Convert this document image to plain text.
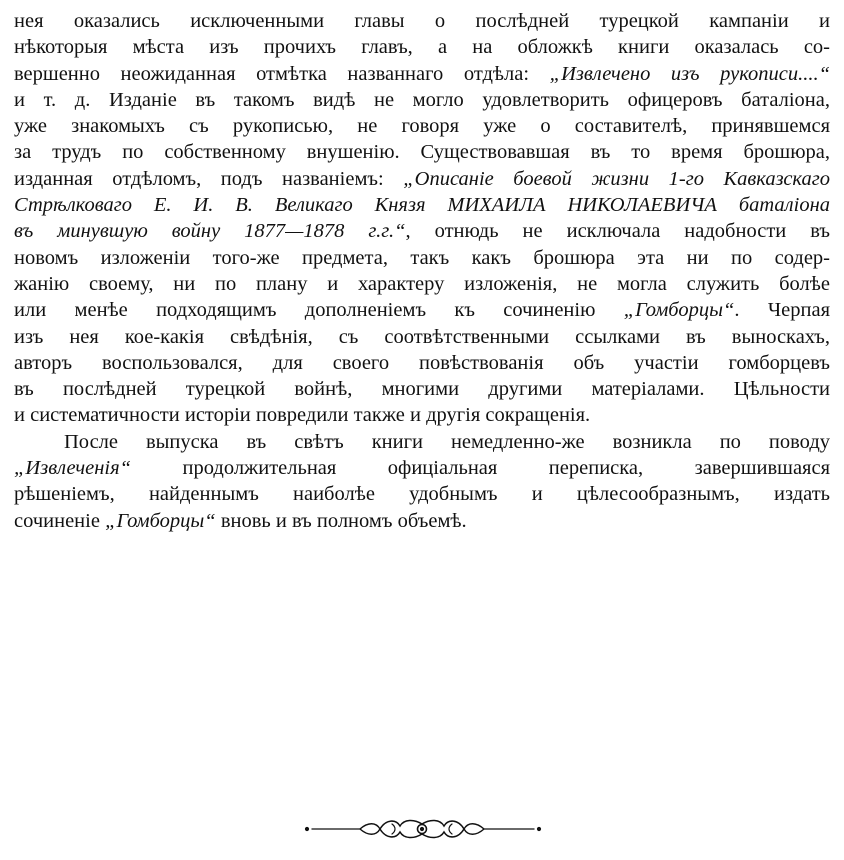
нея оказались исключенными главы о послѣдней турецкой кампаніи и
нѣкоторыя мѣста изъ прочихъ главъ, а на обложкѣ книги оказалась со-
вершенно неожиданная отмѣтка названнаго отдѣла: „Извлечено изъ рукописи....“
и т. д. Изданіе въ такомъ видѣ не могло удовлетворить офицеровъ баталіона,
уже знакомыхъ съ рукописью, не говоря уже о составителѣ, принявшемся
за трудъ по собственному внушенію. Существовавшая въ то время брошюра,
изданная отдѣломъ, подъ названіемъ: „Описаніе боевой жизни 1-го Кавказскаго
Стрѣлковаго Е. И. В. Великаго Князя МИХАИЛА НИКОЛАЕВИЧА баталіона
въ минувшую войну 1877—1878 г.г.“, отнюдь не исключала надобности въ
новомъ изложеніи того-же предмета, такъ какъ брошюра эта ни по содер-
жанію своему, ни по плану и характеру изложенія, не могла служить болѣе
или менѣе подходящимъ дополненіемъ къ сочиненію „Гомборцы“. Черпая
изъ нея кое-какія свѣдѣнія, съ соотвѣтственными ссылками въ выноскахъ,
авторъ воспользовался, для своего повѣствованія объ участіи гомборцевъ
въ послѣдней турецкой войнѣ, многими другими матеріалами. Цѣльности
и систематичности исторіи повредили также и другія сокращенія.
После выпуска въ свѣтъ книги немедленно-же возникла по поводу
„Извлеченія“ продолжительная офиціальная переписка, завершившаяся
рѣшеніемъ, найденнымъ наиболѣе удобнымъ и цѣлесообразнымъ, издать
сочиненіе „Гомборцы“ вновь и въ полномъ объемѣ.
